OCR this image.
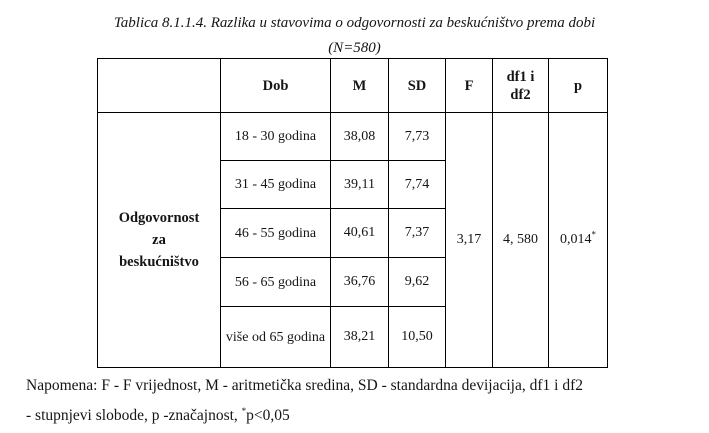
Tablica 8.1.1.4. Razlika u stavovima o odgovornosti za beskućništvo prema dobi
(N=580)
	Dob	M	SD	F	df1 i df2	p
Odgovornost za beskućništvo	18 - 30 godina	38,08	7,73	3,17	4, 580	0,014*
	31 - 45 godina	39,11	7,74			
	46 - 55 godina	40,61	7,37			
	56 - 65 godina	36,76	9,62			
	više od 65 godina	38,21	10,50			
Napomena: F - F vrijednost, M - aritmetička sredina, SD - standardna devijacija, df1 i df2
- stupnjevi slobode, p -značajnost, *p<0,05
